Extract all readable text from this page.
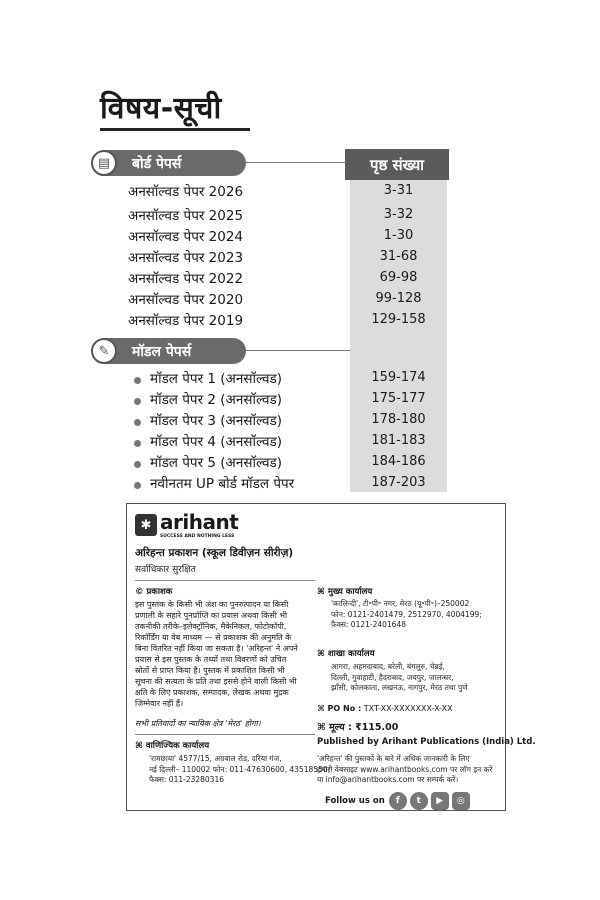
विषय-सूची
पृष्ठ संख्या
बोर्ड पेपर्स
▤
अनसॉल्वड पेपर 2026	3-31
अनसॉल्वड पेपर 2025	3-32
अनसॉल्वड पेपर 2024	1-30
अनसॉल्वड पेपर 2023	31-68
अनसॉल्वड पेपर 2022	69-98
अनसॉल्वड पेपर 2020	99-128
अनसॉल्वड पेपर 2019	129-158
मॉडल पेपर्स
✎
मॉडल पेपर 1 (अनसॉल्वड)	159-174
मॉडल पेपर 2 (अनसॉल्वड)	175-177
मॉडल पेपर 3 (अनसॉल्वड)	178-180
मॉडल पेपर 4 (अनसॉल्वड)	181-183
मॉडल पेपर 5 (अनसॉल्वड)	184-186
नवीनतम UP बोर्ड मॉडल पेपर	187-203
✱ arihant
SUCCESS AND NOTHING LESS
अरिहन्त प्रकाशन (स्कूल डिवीज़न सीरीज़)
सर्वाधिकार सुरक्षित
© प्रकाशक
इस पुस्तक के किसी भी अंश का पुनरुत्पादन या किसी
प्रणाली के सहारे पुनर्प्राप्ति का प्रयास अथवा किसी भी
तकनीकी तरीके–इलेक्ट्रॉनिक, मैकेनिकल, फोटोकॉपी,
रिकॉर्डिंग या वेब माध्यम — से प्रकाशक की अनुमति के
बिना वितरित नहीं किया जा सकता है। 'अरिहन्त' ने अपने
प्रयास से इस पुस्तक के तथ्यों तथा विवरणों को उचित
स्रोतों से प्राप्त किया है। पुस्तक में प्रकाशित किसी भी
सूचना की सत्यता के प्रति तथा इससे होने वाली किसी भी
क्षति के लिए प्रकाशक, सम्पादक, लेखक अथवा मुद्रक
जिम्मेवार नहीं हैं।
सभी प्रतिवादों का न्यायिक क्षेत्र 'मेरठ' होगा।
⌘ वाणिज्यिक कार्यालय
'रामछाया' 4577/15, अग्रवाल रोड, दरिया गंज,
नई दिल्ली– 110002 फोन: 011-47630600, 43518550;
फैक्स: 011-23280316
⌘ मुख्य कार्यालय
'कालिन्दी', टी॰पी॰ नगर, मेरठ (यू॰पी॰)–250002
फोन: 0121-2401479, 2512970, 4004199;
फ़ैक्स: 0121-2401648
⌘ शाखा कार्यालय
आगरा, अहमदाबाद, बरेली, बंगलुरु, चेन्नई,
दिल्ली, गुवाहाटी, हैदराबाद, जयपुर, जालन्धर,
झाँसी, कोलकाता, लखनऊ, नागपुर, मेरठ तथा पुणे
⌘ PO No : TXT-XX-XXXXXXX-X-XX
⌘ मूल्य : ₹115.00
Published by Arihant Publications (India) Ltd.
'अरिहन्त' की पुस्तकों के बारे में अधिक जानकारी के लिए
हमारी वेबसाइट www.arihantbooks.com पर लॉग इन करें
या info@arihantbooks.com पर सम्पर्क करें।
Follow us on	f	t	▶	◎
